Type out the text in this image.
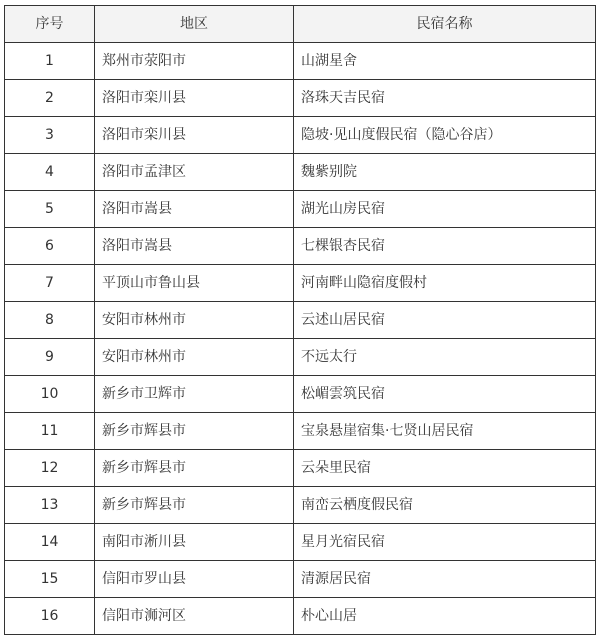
序号	地区	民宿名称
1	郑州市荥阳市	山湖星舍
2	洛阳市栾川县	洛珠天吉民宿
3	洛阳市栾川县	隐坡·见山度假民宿（隐心谷店）
4	洛阳市孟津区	魏紫别院
5	洛阳市嵩县	湖光山房民宿
6	洛阳市嵩县	七棵银杏民宿
7	平顶山市鲁山县	河南畔山隐宿度假村
8	安阳市林州市	云述山居民宿
9	安阳市林州市	不远太行
10	新乡市卫辉市	松嵋雲筑民宿
11	新乡市辉县市	宝泉悬崖宿集·七贤山居民宿
12	新乡市辉县市	云朵里民宿
13	新乡市辉县市	南峦云栖度假民宿
14	南阳市淅川县	星月光宿民宿
15	信阳市罗山县	清源居民宿
16	信阳市浉河区	朴心山居
